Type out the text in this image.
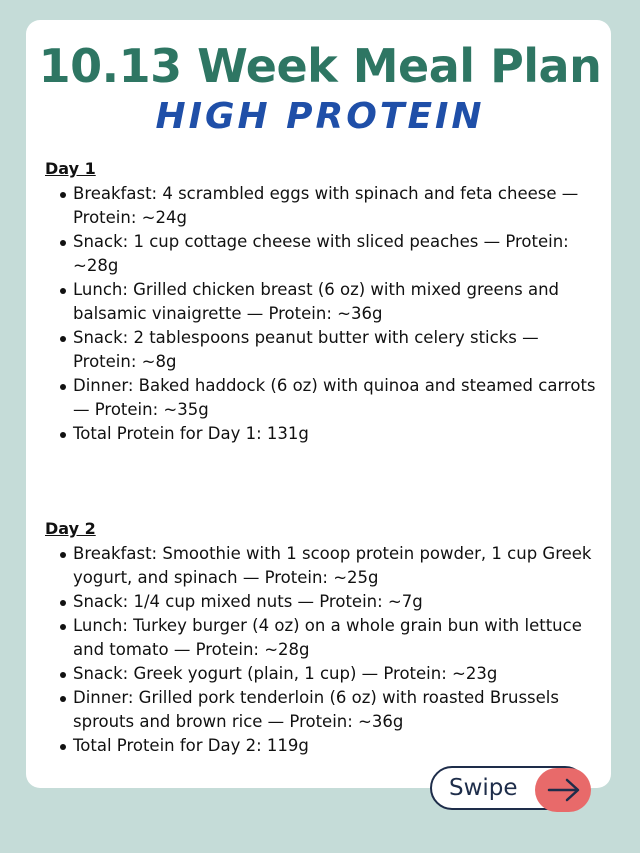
10.13 Week Meal Plan
HIGH PROTEIN
Day 1
Breakfast: 4 scrambled eggs with spinach and feta cheese — Protein: ~24g
Snack: 1 cup cottage cheese with sliced peaches — Protein: ~28g
Lunch: Grilled chicken breast (6 oz) with mixed greens and balsamic vinaigrette — Protein: ~36g
Snack: 2 tablespoons peanut butter with celery sticks — Protein: ~8g
Dinner: Baked haddock (6 oz) with quinoa and steamed carrots — Protein: ~35g
Total Protein for Day 1: 131g
Day 2
Breakfast: Smoothie with 1 scoop protein powder, 1 cup Greek yogurt, and spinach — Protein: ~25g
Snack: 1/4 cup mixed nuts — Protein: ~7g
Lunch: Turkey burger (4 oz) on a whole grain bun with lettuce and tomato — Protein: ~28g
Snack: Greek yogurt (plain, 1 cup) — Protein: ~23g
Dinner: Grilled pork tenderloin (6 oz) with roasted Brussels sprouts and brown rice — Protein: ~36g
Total Protein for Day 2: 119g
Swipe
